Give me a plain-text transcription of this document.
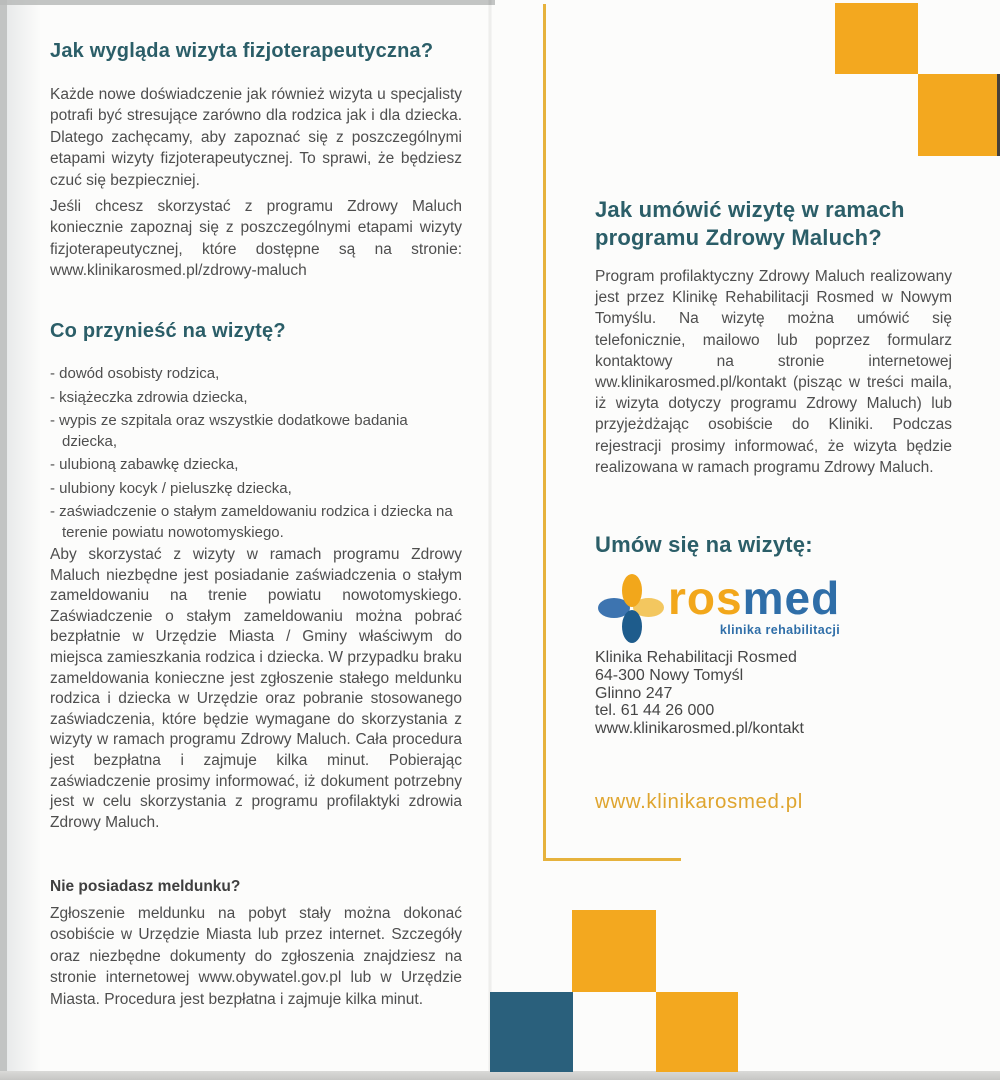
Jak wygląda wizyta fizjoterapeutyczna?
Każde nowe doświadczenie jak również wizyta u specjalisty potrafi być stresujące zarówno dla rodzica jak i dla dziecka. Dlatego zachęcamy, aby zapoznać się z poszczególnymi etapami wizyty fizjoterapeutycznej. To sprawi, że będziesz czuć się bezpieczniej.
Jeśli chcesz skorzystać z programu Zdrowy Maluch koniecznie zapoznaj się z poszczególnymi etapami wizyty fizjoterapeutycznej, które dostępne są na stronie: www.klinikarosmed.pl/zdrowy-maluch
Co przynieść na wizytę?
- dowód osobisty rodzica,
- książeczka zdrowia dziecka,
- wypis ze szpitala oraz wszystkie dodatkowe badania dziecka,
- ulubioną zabawkę dziecka,
- ulubiony kocyk / pieluszkę dziecka,
- zaświadczenie o stałym zameldowaniu rodzica i dziecka na terenie powiatu nowotomyskiego.
Aby skorzystać z wizyty w ramach programu Zdrowy Maluch niezbędne jest posiadanie zaświadczenia o stałym zameldowaniu na trenie powiatu nowotomyskiego. Zaświadczenie o stałym zameldowaniu można pobrać bezpłatnie w Urzędzie Miasta / Gminy właściwym do miejsca zamieszkania rodzica i dziecka. W przypadku braku zameldowania konieczne jest zgłoszenie stałego meldunku rodzica i dziecka w Urzędzie oraz pobranie stosowanego zaświadczenia, które będzie wymagane do skorzystania z wizyty w ramach programu Zdrowy Maluch. Cała procedura jest bezpłatna i zajmuje kilka minut. Pobierając zaświadczenie prosimy informować, iż dokument potrzebny jest w celu skorzystania z programu profilaktyki zdrowia Zdrowy Maluch.
Nie posiadasz meldunku?
Zgłoszenie meldunku na pobyt stały można dokonać osobiście w Urzędzie Miasta lub przez internet. Szczegóły oraz niezbędne dokumenty do zgłoszenia znajdziesz na stronie internetowej www.obywatel.gov.pl lub w Urzędzie Miasta. Procedura jest bezpłatna i zajmuje kilka minut.
Jak umówić wizytę w ramach
programu Zdrowy Maluch?
Program profilaktyczny Zdrowy Maluch realizowany jest przez Klinikę Rehabilitacji Rosmed w Nowym Tomyślu. Na wizytę można umówić się telefonicznie, mailowo lub poprzez formularz kontaktowy na stronie internetowej ww.klinikarosmed.pl/kontakt (pisząc w treści maila, iż wizyta dotyczy programu Zdrowy Maluch) lub przyjeżdżając osobiście do Kliniki. Podczas rejestracji prosimy informować, że wizyta będzie realizowana w ramach programu Zdrowy Maluch.
Umów się na wizytę:
rosmed
klinika rehabilitacji
Klinika Rehabilitacji Rosmed
64-300 Nowy Tomyśl
Glinno 247
tel. 61 44 26 000
www.klinikarosmed.pl/kontakt
www.klinikarosmed.pl
